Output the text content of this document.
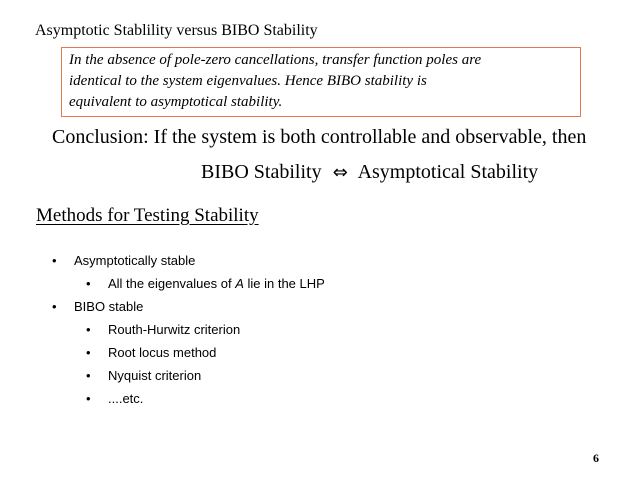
Asymptotic Stablility versus BIBO Stability
In the absence of pole-zero cancellations, transfer function poles are
identical to the system eigenvalues. Hence BIBO stability is
equivalent to asymptotical stability.
Conclusion: If the system is both controllable and observable, then
BIBO Stability ⇔ Asymptotical Stability
Methods for Testing Stability
• Asymptotically stable
• All the eigenvalues of A lie in the LHP
• BIBO stable
• Routh-Hurwitz criterion
• Root locus method
• Nyquist criterion
• ....etc.
6
